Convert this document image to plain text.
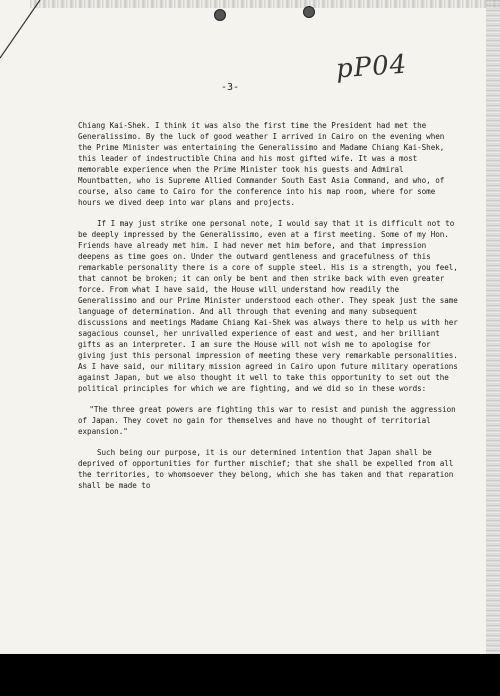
pP04
-3-

Chiang Kai-Shek. I think it was also the first time the President had met the Generalissimo. By the luck of good weather I arrived in Cairo on the evening when the Prime Minister was entertaining the Generalissimo and Madame Chiang Kai-Shek, this leader of indestructible China and his most gifted wife. It was a most memorable experience when the Prime Minister took his guests and Admiral Mountbatten, who is Supreme Allied Commander South East Asia Command, and who, of course, also came to Cairo for the conference into his map room, where for some hours we dived deep into war plans and projects.

If I may just strike one personal note, I would say that it is difficult not to be deeply impressed by the Generalissimo, even at a first meeting. Some of my Hon. Friends have already met him. I had never met him before, and that impression deepens as time goes on. Under the outward gentleness and gracefulness of this remarkable personality there is a core of supple steel. His is a strength, you feel, that cannot be broken; it can only be bent and then strike back with even greater force. From what I have said, the House will understand how readily the Generalissimo and our Prime Minister understood each other. They speak just the same language of determination. And all through that evening and many subsequent discussions and meetings Madame Chiang Kai-Shek was always there to help us with her sagacious counsel, her unrivalled experience of east and west, and her brilliant gifts as an interpreter. I am sure the House will not wish me to apologise for giving just this personal impression of meeting these very remarkable personalities. As I have said, our military mission agreed in Cairo upon future military operations against Japan, but we also thought it well to take this opportunity to set out the political principles for which we are fighting, and we did so in these words:

"The three great powers are fighting this war to resist and punish the aggression of Japan. They covet no gain for themselves and have no thought of territorial expansion."

Such being our purpose, it is our determined intention that Japan shall be deprived of opportunities for further mischief; that she shall be expelled from all the territories, to whomsoever they belong, which she has taken and that reparation shall be made to
